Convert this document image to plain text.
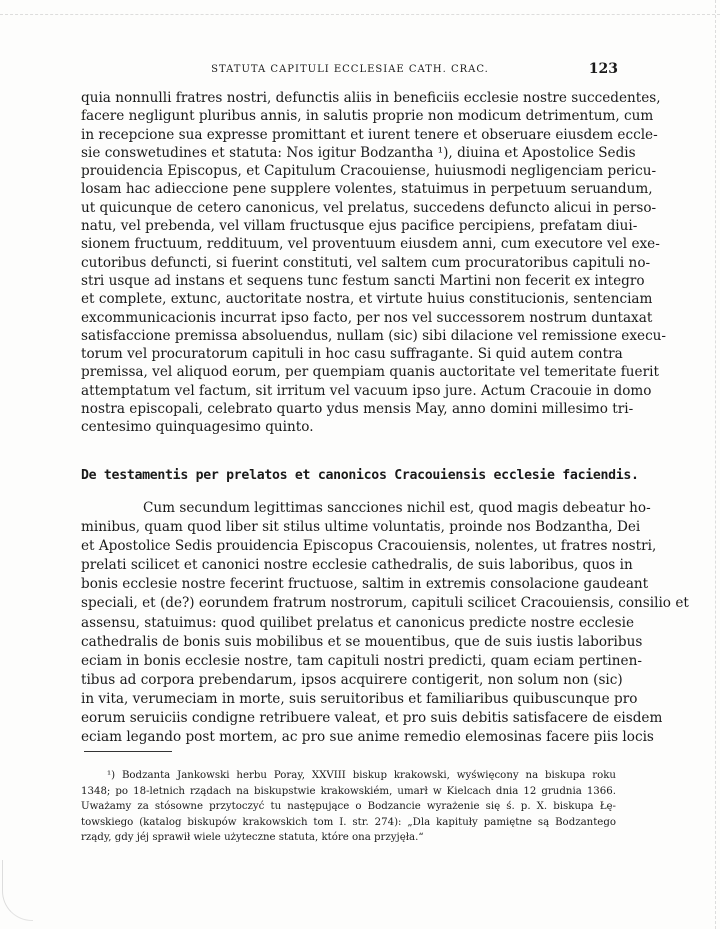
STATUTA CAPITULI ECCLESIAE CATH. CRAC.	123
quia nonnulli fratres nostri, defunctis aliis in beneficiis ecclesie nostre succedentes,
facere negligunt pluribus annis, in salutis proprie non modicum detrimentum, cum
in recepcione sua expresse promittant et iurent tenere et obseruare eiusdem eccle-
sie conswetudines et statuta: Nos igitur Bodzantha ¹), diuina et Apostolice Sedis
prouidencia Episcopus, et Capitulum Cracouiense, huiusmodi negligenciam pericu-
losam hac adieccione pene supplere volentes, statuimus in perpetuum seruandum,
ut quicunque de cetero canonicus, vel prelatus, succedens defuncto alicui in perso-
natu, vel prebenda, vel villam fructusque ejus pacifice percipiens, prefatam diui-
sionem fructuum, reddituum, vel proventuum eiusdem anni, cum executore vel exe-
cutoribus defuncti, si fuerint constituti, vel saltem cum procuratoribus capituli no-
stri usque ad instans et sequens tunc festum sancti Martini non fecerit ex integro
et complete, extunc, auctoritate nostra, et virtute huius constitucionis, sentenciam
excommunicacionis incurrat ipso facto, per nos vel successorem nostrum duntaxat
satisfaccione premissa absoluendus, nullam (sic) sibi dilacione vel remissione execu-
torum vel procuratorum capituli in hoc casu suffragante. Si quid autem contra
premissa, vel aliquod eorum, per quempiam quanis auctoritate vel temeritate fuerit
attemptatum vel factum, sit irritum vel vacuum ipso jure. Actum Cracouie in domo
nostra episcopali, celebrato quarto ydus mensis May, anno domini millesimo tri-
centesimo quinquagesimo quinto.
De testamentis per prelatos et canonicos Cracouiensis ecclesie faciendis.
Cum secundum legittimas sancciones nichil est, quod magis debeatur ho-
minibus, quam quod liber sit stilus ultime voluntatis, proinde nos Bodzantha, Dei
et Apostolice Sedis prouidencia Episcopus Cracouiensis, nolentes, ut fratres nostri,
prelati scilicet et canonici nostre ecclesie cathedralis, de suis laboribus, quos in
bonis ecclesie nostre fecerint fructuose, saltim in extremis consolacione gaudeant
speciali, et (de?) eorundem fratrum nostrorum, capituli scilicet Cracouiensis, consilio et
assensu, statuimus: quod quilibet prelatus et canonicus predicte nostre ecclesie
cathedralis de bonis suis mobilibus et se mouentibus, que de suis iustis laboribus
eciam in bonis ecclesie nostre, tam capituli nostri predicti, quam eciam pertinen-
tibus ad corpora prebendarum, ipsos acquirere contigerit, non solum non (sic)
in vita, verumeciam in morte, suis seruitoribus et familiaribus quibuscunque pro
eorum seruiciis condigne retribuere valeat, et pro suis debitis satisfacere de eisdem
eciam legando post mortem, ac pro sue anime remedio elemosinas facere piis locis
¹) Bodzanta Jankowski herbu Poray, XXVIII biskup krakowski, wyświęcony na biskupa roku
1348; po 18-letnich rządach na biskupstwie krakowskiém, umarł w Kielcach dnia 12 grudnia 1366.
Uważamy za stósowne przytoczyć tu następujące o Bodzancie wyrażenie się ś. p. X. biskupa Łę-
towskiego (katalog biskupów krakowskich tom I. str. 274): „Dla kapituły pamiętne są Bodzantego
rządy, gdy jéj sprawił wiele użyteczne statuta, które ona przyjęła.“
